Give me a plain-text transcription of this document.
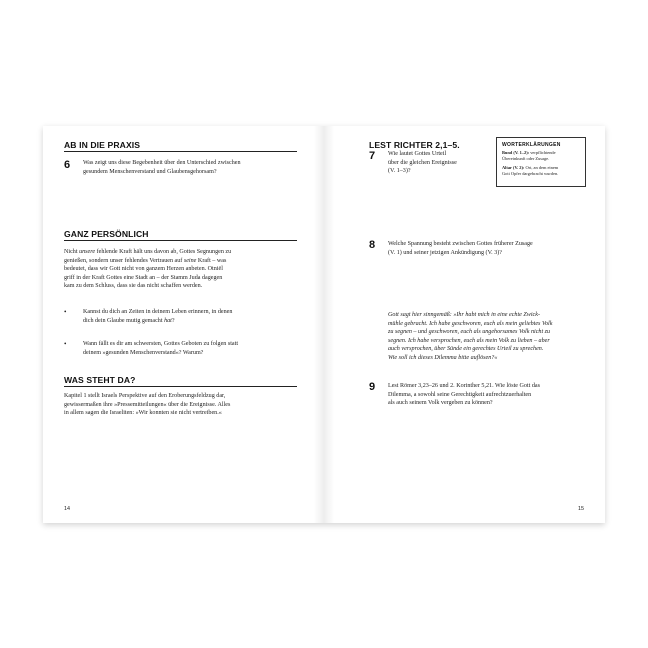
AB IN DIE PRAXIS
6 Was zeigt uns diese Begebenheit über den Unterschied zwischen
gesundem Menschenverstand und Glaubensgehorsam?
GANZ PERSÖNLICH
Nicht unsere fehlende Kraft hält uns davon ab, Gottes Segnungen zu
genießen, sondern unser fehlendes Vertrauen auf seine Kraft – was
bedeutet, dass wir Gott nicht von ganzem Herzen anbeten. Otniël
griff in der Kraft Gottes eine Stadt an – der Stamm Juda dagegen
kam zu dem Schluss, dass sie das nicht schaffen werden.
•	Kannst du dich an Zeiten in deinem Leben erinnern, in denen
dich dein Glaube mutig gemacht hat?
•	Wann fällt es dir am schwersten, Gottes Geboten zu folgen statt
deinem »gesunden Menschenverstand«? Warum?
WAS STEHT DA?
Kapitel 1 stellt Israels Perspektive auf den Eroberungsfeldzug dar,
gewissermaßen ihre »Pressemitteilungen« über die Ereignisse. Alles
in allem sagen die Israeliten: »Wir konnten sie nicht vertreiben.«
14
LEST RICHTER 2,1–5.
7 Wie lautet Gottes Urteil
über die gleichen Ereignisse
(V. 1–3)?
WORTERKLÄRUNGEN
Bund (V. 1–2): verpflichtende
Übereinkunft oder Zusage.
Altar (V. 2): Ort, an dem einem
Gott Opfer dargebracht wurden.
8 Welche Spannung besteht zwischen Gottes früherer Zusage
(V. 1) und seiner jetzigen Ankündigung (V. 3)?
Gott sagt hier sinngemäß: »Ihr habt mich in eine echte Zwick-
mühle gebracht. Ich habe geschworen, euch als mein geliebtes Volk
zu segnen – und geschworen, euch als ungehorsames Volk nicht zu
segnen. Ich habe versprochen, euch als mein Volk zu lieben – aber
auch versprochen, über Sünde ein gerechtes Urteil zu sprechen.
Wie soll ich dieses Dilemma bitte auflösen?«
9 Lest Römer 3,23–26 und 2. Korinther 5,21. Wie löste Gott das
Dilemma, a sowohl seine Gerechtigkeit aufrechtzuerhalten
als auch seinem Volk vergeben zu können?
15
